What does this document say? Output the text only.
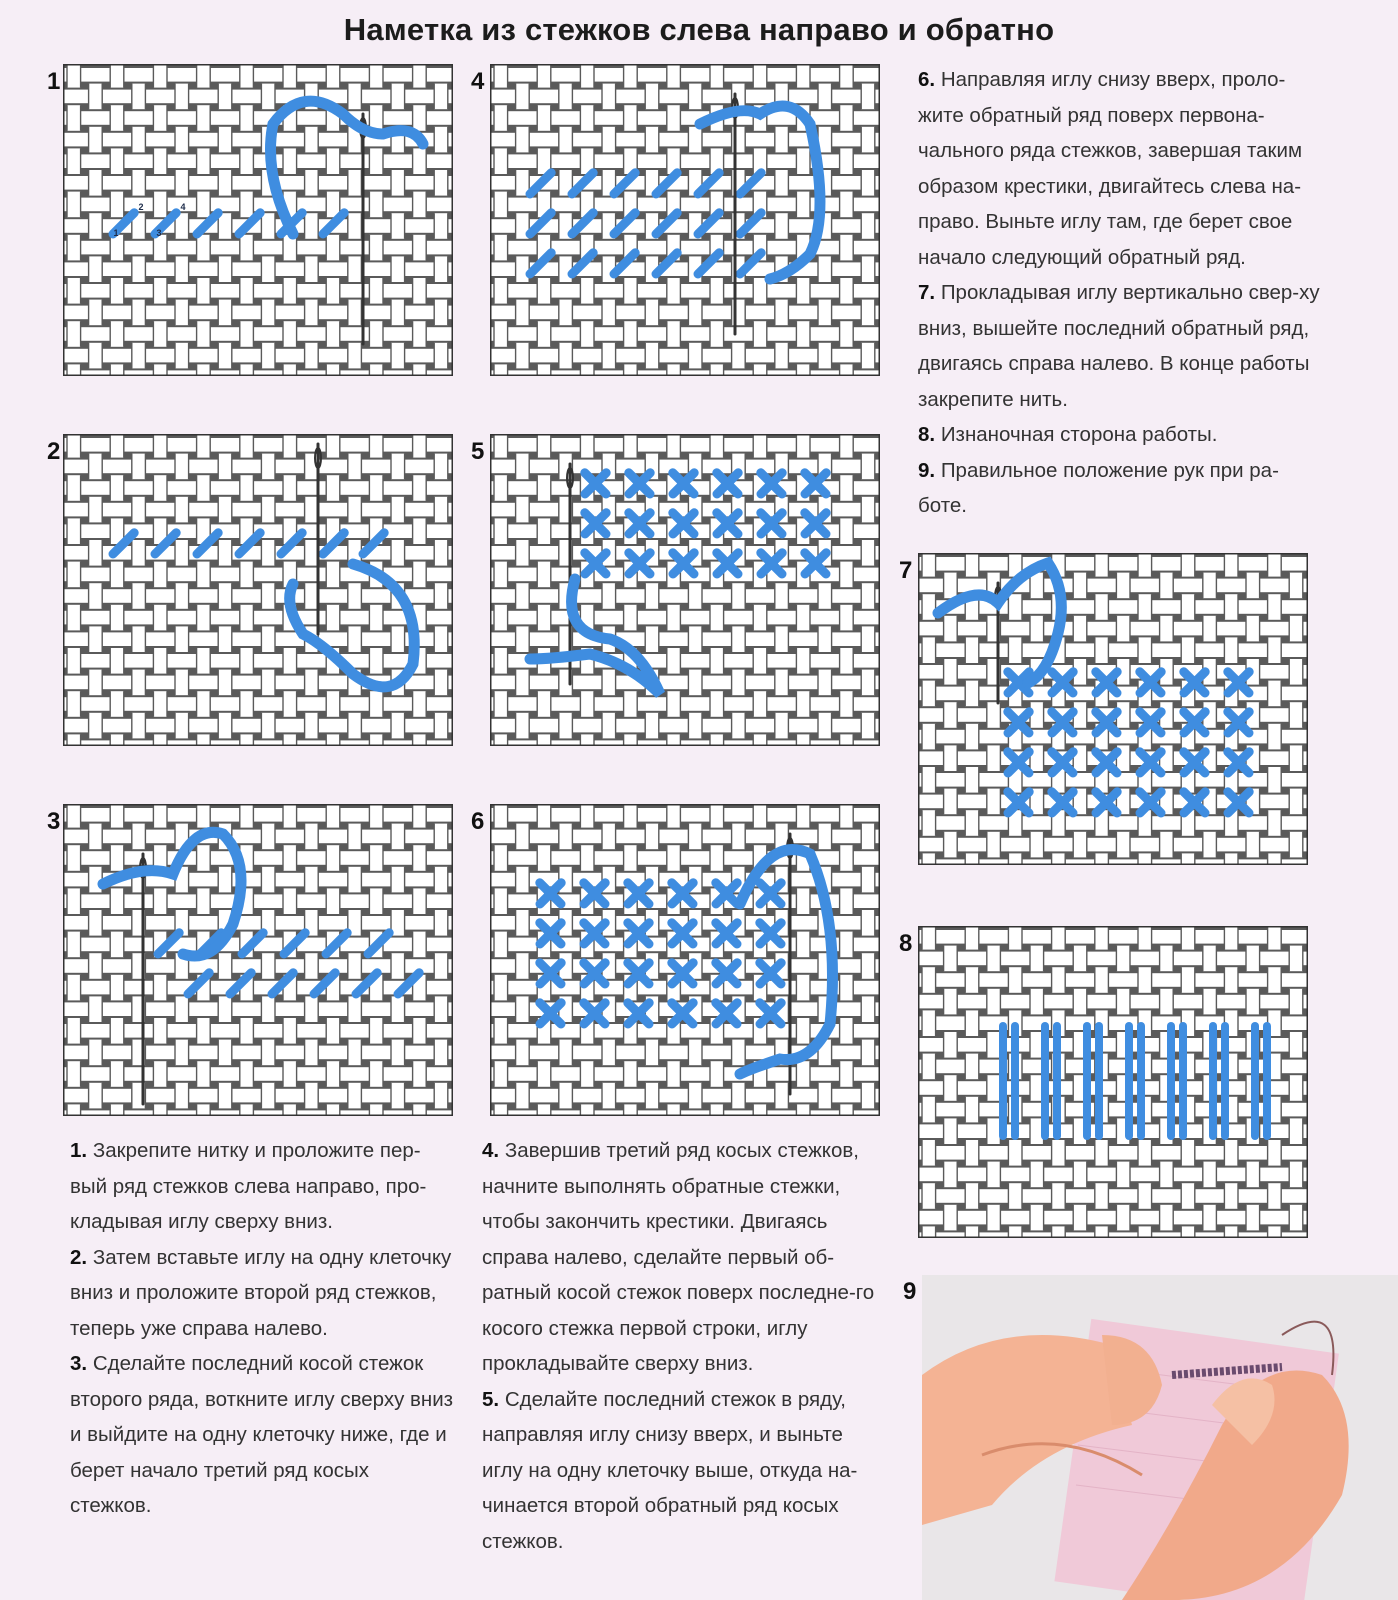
Наметка из стежков слева направо и обратно
1	4
2	5
3	6
7
8
9
1
2
3
4

1. Закрепите нитку и проложите пер-вый ряд стежков слева направо, про-кладывая иглу сверху вниз.

2. Затем вставьте иглу на одну клеточку вниз и проложите второй ряд стежков, теперь уже справа налево.

3. Сделайте последний косой стежок второго ряда, воткните иглу сверху вниз и выйдите на одну клеточку ниже, где и берет начало третий ряд косых стежков.

4. Завершив третий ряд косых стежков, начните выполнять обратные стежки, чтобы закончить крестики. Двигаясь справа налево, сделайте первый об-ратный косой стежок поверх последне-го косого стежка первой строки, иглу прокладывайте сверху вниз.

5. Сделайте последний стежок в ряду, направляя иглу снизу вверх, и выньте иглу на одну клеточку выше, откуда на-чинается второй обратный ряд косых стежков.

6. Направляя иглу снизу вверх, проло-жите обратный ряд поверх первона-чального ряда стежков, завершая таким образом крестики, двигайтесь слева на-право. Выньте иглу там, где берет свое начало следующий обратный ряд.

7. Прокладывая иглу вертикально свер-ху вниз, вышейте последний обратный ряд, двигаясь справа налево. В конце работы закрепите нить.

8. Изнаночная сторона работы.

9. Правильное положение рук при ра-боте.
